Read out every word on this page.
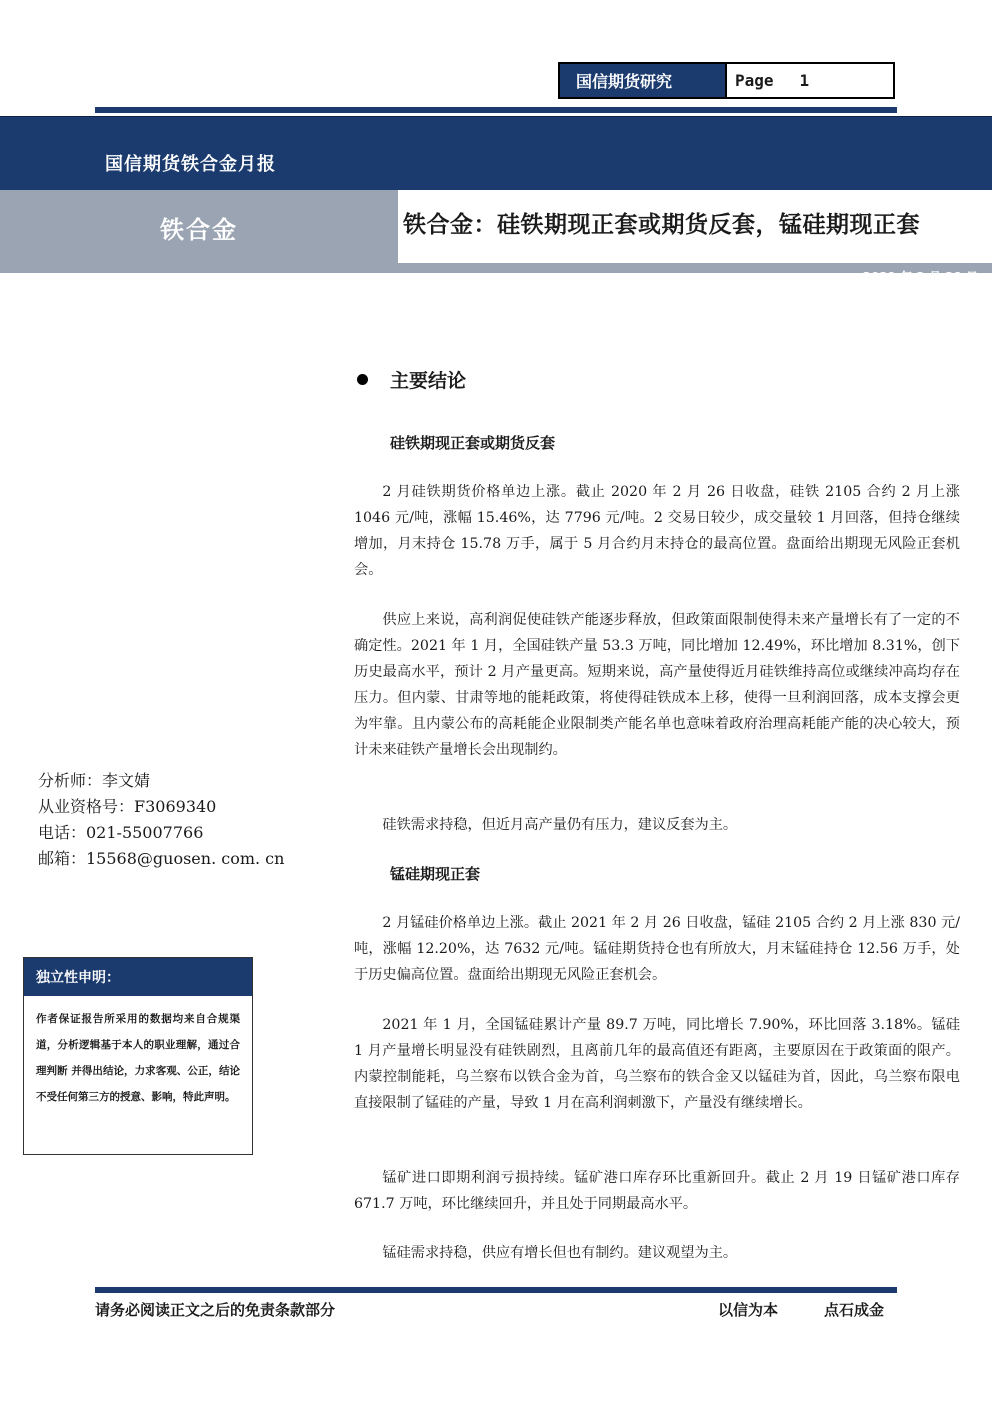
国信期货研究	Page 1
国信期货铁合金月报
铁合金	铁合金：硅铁期现正套或期货反套，锰硅期现正套
2021 年 2 月 28 日
主要结论
硅铁期现正套或期货反套

2 月硅铁期货价格单边上涨。截止 2020 年 2 月 26 日收盘，硅铁 2105 合约 2 月上涨 1046 元/吨，涨幅 15.46%，达 7796 元/吨。2 交易日较少，成交量较 1 月回落，但持仓继续增加，月末持仓 15.78 万手，属于 5 月合约月末持仓的最高位置。盘面给出期现无风险正套机会。

供应上来说，高利润促使硅铁产能逐步释放，但政策面限制使得未来产量增长有了一定的不确定性。2021 年 1 月，全国硅铁产量 53.3 万吨，同比增加 12.49%，环比增加 8.31%，创下历史最高水平，预计 2 月产量更高。短期来说，高产量使得近月硅铁维持高位或继续冲高均存在压力。但内蒙、甘肃等地的能耗政策，将使得硅铁成本上移，使得一旦利润回落，成本支撑会更为牢靠。且内蒙公布的高耗能企业限制类产能名单也意味着政府治理高耗能产能的决心较大，预计未来硅铁产量增长会出现制约。

硅铁需求持稳，但近月高产量仍有压力，建议反套为主。

锰硅期现正套

2 月锰硅价格单边上涨。截止 2021 年 2 月 26 日收盘，锰硅 2105 合约 2 月上涨 830 元/吨，涨幅 12.20%，达 7632 元/吨。锰硅期货持仓也有所放大，月末锰硅持仓 12.56 万手，处于历史偏高位置。盘面给出期现无风险正套机会。

2021 年 1 月，全国锰硅累计产量 89.7 万吨，同比增长 7.90%，环比回落 3.18%。锰硅 1 月产量增长明显没有硅铁剧烈，且离前几年的最高值还有距离，主要原因在于政策面的限产。内蒙控制能耗，乌兰察布以铁合金为首，乌兰察布的铁合金又以锰硅为首，因此，乌兰察布限电直接限制了锰硅的产量，导致 1 月在高利润刺激下，产量没有继续增长。

锰矿进口即期利润亏损持续。锰矿港口库存环比重新回升。截止 2 月 19 日锰矿港口库存 671.7 万吨，环比继续回升，并且处于同期最高水平。

锰硅需求持稳，供应有增长但也有制约。建议观望为主。

分析师：李文婧
从业资格号：F3069340
电话：021-55007766
邮箱：15568@guosen. com. cn
独立性申明：

作者保证报告所采用的数据均来自合规渠道，分析逻辑基于本人的职业理解，通过合理判断 并得出结论，力求客观、公正，结论不受任何第三方的授意、影响，特此声明。

请务必阅读正文之后的免责条款部分	以信为本	点石成金
